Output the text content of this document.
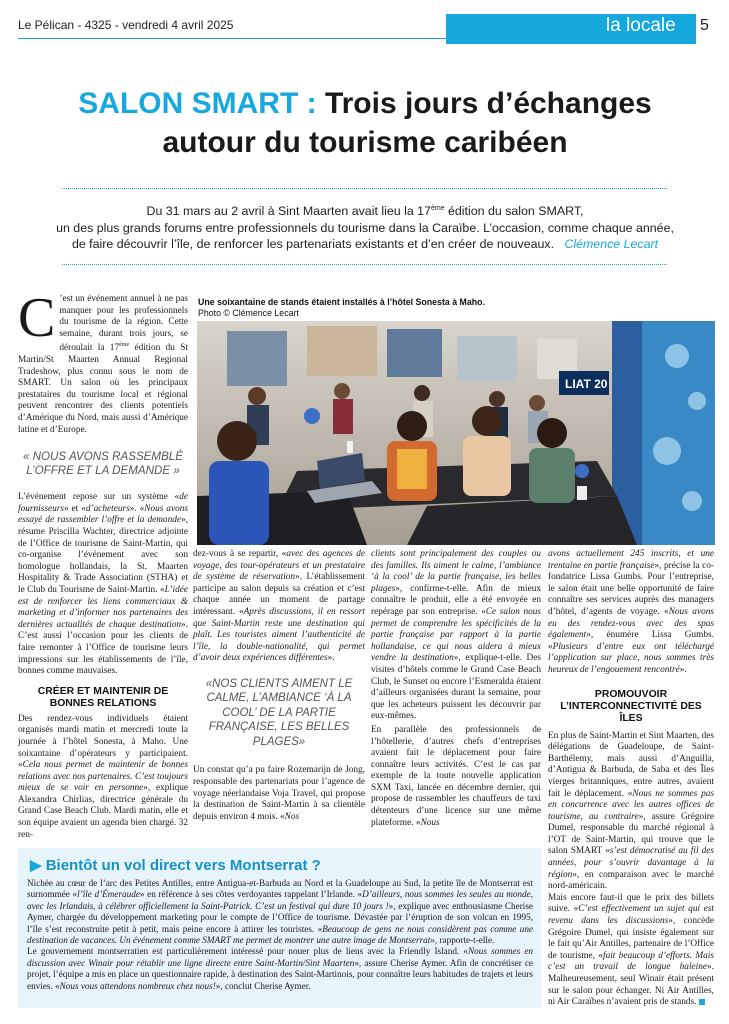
Le Pélican - 4325 - vendredi 4 avril 2025	la locale 5
SALON SMART : Trois jours d’échanges
autour du tourisme caribéen
Du 31 mars au 2 avril à Sint Maarten avait lieu la 17ème édition du salon SMART,
un des plus grands forums entre professionnels du tourisme dans la Caraïbe. L’occasion, comme chaque année,
de faire découvrir l’île, de renforcer les partenariats existants et d’en créer de nouveaux. Clémence Lecart

C ’est un événement annuel à ne pas manquer pour les professionnels du tourisme de la région. Cette semaine, durant trois jours, se déroulait la 17ème édition du St Martin/St Maarten Annual Regional Tradeshow, plus connu sous le nom de SMART. Un salon où les principaux prestataires du tourisme local et régional peuvent rencontrer des clients potentiels d’Amérique du Nord, mais aussi d’Amérique latine et d’Europe.

« NOUS AVONS RASSEMBLÉ L’OFFRE ET LA DEMANDE »

L’événement repose sur un système «de fournisseurs» et «d’acheteurs». «Nous avons essayé de rassembler l’offre et la demande», résume Priscilla Wachter, directrice adjointe de l’Office de tourisme de Saint-Martin, qui co-organise l’événement avec son homologue hollandais, la St. Maarten Hospitality & Trade Association (STHA) et le Club du Tourisme de Saint-Martin. «L’idée est de renforcer les liens commerciaux & marketing et d’informer nos partenaires des dernières actualités de chaque destination». C’est aussi l’occasion pour les clients de faire remonter à l’Office de tourisme leurs impressions sur les établissements de l’île, bonnes comme mauvaises.

CRÉER ET MAINTENIR DE BONNES RELATIONS

Des rendez-vous individuels étaient organisés mardi matin et mercredi toute la journée à l’hôtel Sonesta, à Maho. Une soixantaine d’opérateurs y participaient. «Cela nous permet de maintenir de bonnes relations avec nos partenaires. C’est toujours mieux de se voir en personne», explique Alexandra Chirlias, directrice générale du Grand Case Beach Club. Mardi matin, elle et son équipe avaient un agenda bien chargé. 32 ren-

Une soixantaine de stands étaient installés à l’hôtel Sonesta à Maho.
Photo © Clémence Lecart
LIAT 20

dez-vous à se repartir, «avec des agences de voyage, des tour-opérateurs et un prestataire de système de réservation». L’établissement participe au salon depuis sa création et c’est chaque année un moment de partage intéressant. «Après discussions, il en ressort que Saint-Martin reste une destination qui plaît. Les touristes aiment l’authenticité de l’île, la double-nationalité, qui permet d’avoir deux expériences différentes».

«NOS CLIENTS AIMENT LE CALME, L’AMBIANCE ‘À LA COOL’ DE LA PARTIE FRANÇAISE, LES BELLES PLAGES»

Un constat qu’a pu faire Rozemarijn de Jong, responsable des partenariats pour l’agence de voyage néerlandaise Voja Travel, qui propose la destination de Saint-Martin à sa clientèle depuis environ 4 mois. «Nos

clients sont principalement des couples ou des familles. Ils aiment le calme, l’ambiance ‘à la cool’ de la partie française, les belles plages», confirme-t-elle. Afin de mieux connaître le produit, elle a été envoyée en repérage par son entreprise. «Ce salon nous permet de comprendre les spécificités de la partie française par rapport à la partie hollandaise, ce qui nous aidera à mieux vendre la destination», explique-t-elle. Des visites d’hôtels comme le Grand Case Beach Club, le Sunset ou encore l’Esmeralda étaient d’ailleurs organisées durant la semaine, pour que les acheteurs puissent les découvrir par eux-mêmes.

En parallèle des professionnels de l’hôtellerie, d’autres chefs d’entreprises avaient fait le déplacement pour faire connaître leurs activités. C’est le cas par exemple de la toute nouvelle application SXM Taxi, lancée en décembre dernier, qui propose de rassembler les chauffeurs de taxi détenteurs d’une licence sur une même plateforme. «Nous

avons actuellement 245 inscrits, et une trentaine en partie française», précise la co-fondatrice Lissa Gumbs. Pour l’entreprise, le salon était une belle opportunité de faire connaître ses services auprès des managers d’hôtel, d’agents de voyage. «Nous avons eu des rendez-vous avec des spas également», énumère Lissa Gumbs. «Plusieurs d’entre eux ont téléchargé l’application sur place, nous sommes très heureux de l’engouement rencontré».

PROMOUVOIR L’INTERCONNECTIVITÉ DES ÎLES

En plus de Saint-Martin et Sint Maarten, des délégations de Guadeloupe, de Saint-Barthélemy, mais aussi d’Anguilla, d’Antigua & Barbuda, de Saba et des Îles vierges britanniques, entre autres, avaient fait le déplacement. «Nous ne sommes pas en concurrence avec les autres offices de tourisme, au contraire», assure Grégoire Dumel, responsable du marché régional à l’OT de Saint-Martin, qui trouve que le salon SMART «s’est démocratisé au fil des années, pour s’ouvrir davantage à la région», en comparaison avec le marché nord-américain.

Mais encore faut-il que le prix des billets suive. «C’est effectivement un sujet qui est revenu dans les discussions», concède Grégoire Dumel, qui insiste également sur le fait qu’Air Antilles, partenaire de l’Office de tourisme, «fait beaucoup d’efforts. Mais c’est un travail de longue haleine». Malheureusement, seul Winair était présent sur le salon pour échanger. Ni Air Antilles, ni Air Caraïbes n’avaient pris de stands.

▶ Bientôt un vol direct vers Montserrat ?

Nichée au cœur de l’arc des Petites Antilles, entre Antigua-et-Barbuda au Nord et la Guadeloupe au Sud, la petite île de Montserrat est surnommée «l’île d’Émeraude» en référence à ses côtes verdoyantes rappelant l’Irlande. «D’ailleurs, nous sommes les seules au monde, avec les Irlandais, à célébrer officiellement la Saint-Patrick. C’est un festival qui dure 10 jours !», explique avec enthousiasme Cherise Aymer, chargée du développement marketing pour le compte de l’Office de tourisme. Dévastée par l’éruption de son volcan en 1995, l’île s’est reconstruite petit à petit, mais peine encore à attirer les touristes. «Beaucoup de gens ne nous considèrent pas comme une destination de vacances. Un événement comme SMART me permet de montrer une autre image de Montserrat», rapporte-t-elle.

Le gouvernement montserratien est particulièrement intéressé pour nouer plus de liens avec la Friendly Island. «Nous sommes en discussion avec Winair pour rétablir une ligne directe entre Saint-Martin/Sint Maarten», assure Cherise Aymer. Afin de concrétiser ce projet, l’équipe a mis en place un questionnaire rapide, à destination des Saint-Martinois, pour connaître leurs habitudes de trajets et leurs envies. «Nous vous attendons nombreux chez nous!», conclut Cherise Aymer.
